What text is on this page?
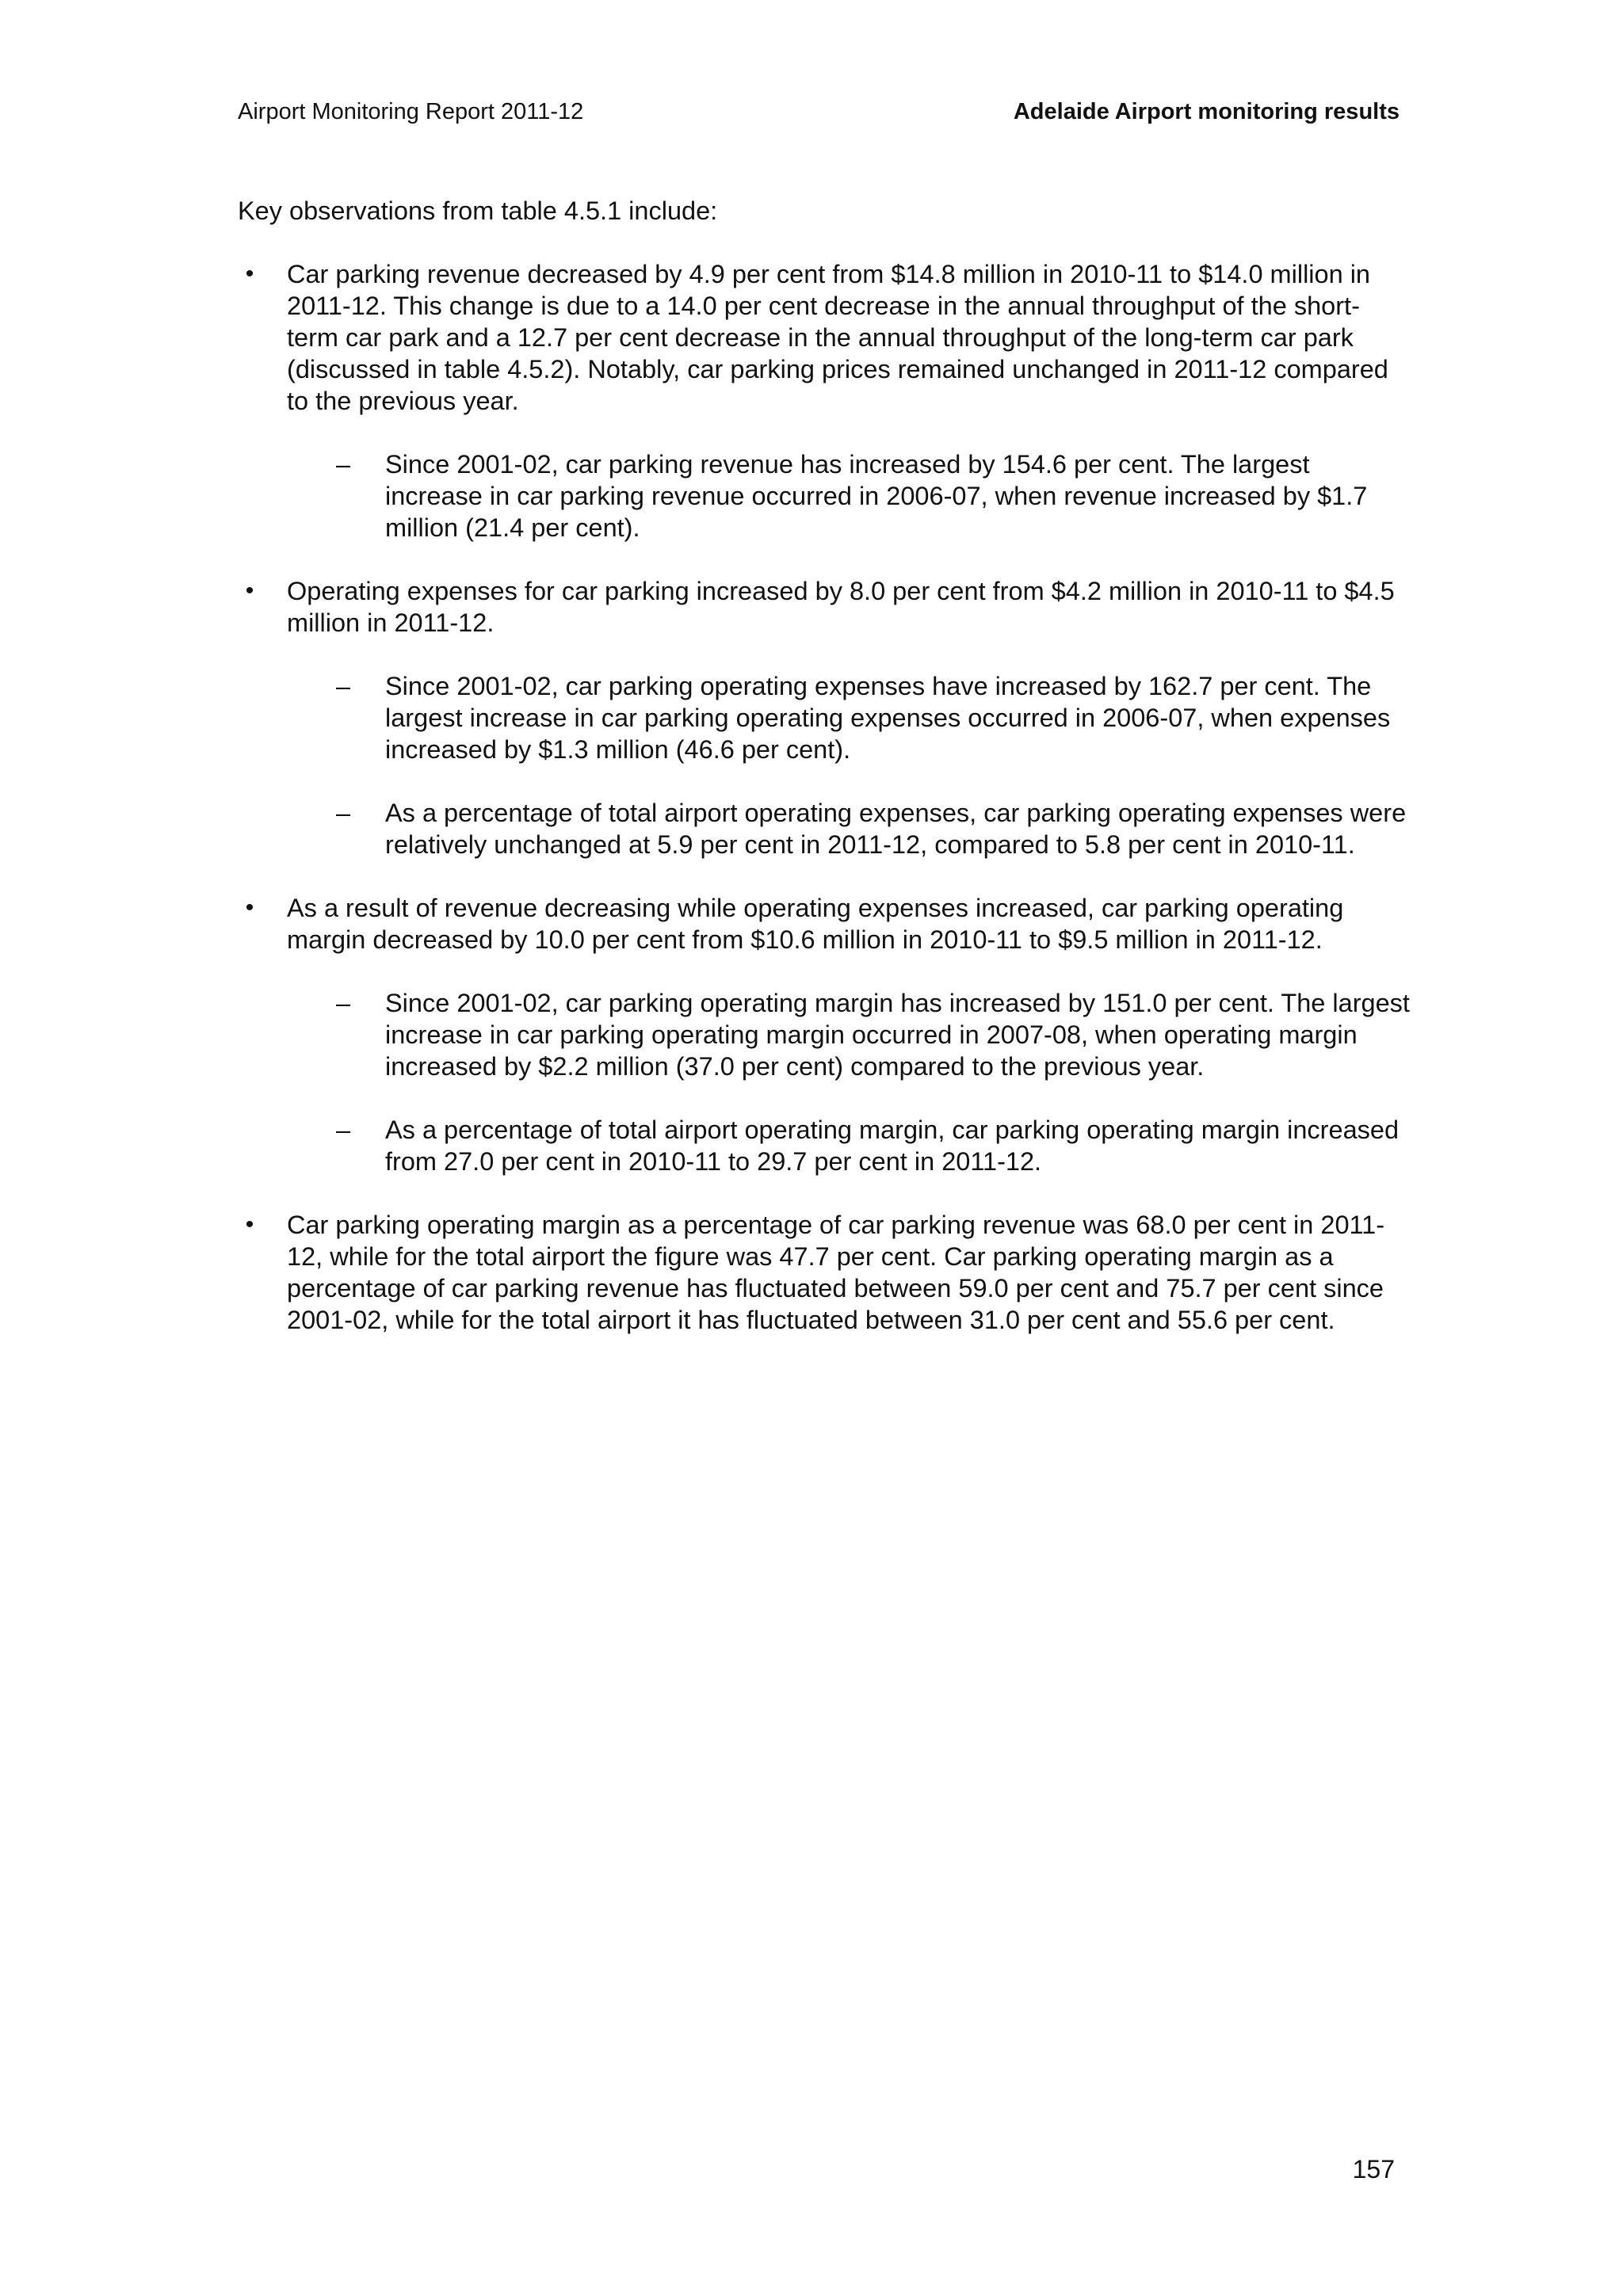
Airport Monitoring Report 2011-12	Adelaide Airport monitoring results

Key observations from table 4.5.1 include:

•	Car parking revenue decreased by 4.9 per cent from $14.8 million in 2010-11 to $14.0 million in 2011-12. This change is due to a 14.0 per cent decrease in the annual throughput of the short-term car park and a 12.7 per cent decrease in the annual throughput of the long-term car park (discussed in table 4.5.2). Notably, car parking prices remained unchanged in 2011-12 compared to the previous year.

–	Since 2001-02, car parking revenue has increased by 154.6 per cent. The largest increase in car parking revenue occurred in 2006-07, when revenue increased by $1.7 million (21.4 per cent).

•	Operating expenses for car parking increased by 8.0 per cent from $4.2 million in 2010-11 to $4.5 million in 2011-12.

–	Since 2001-02, car parking operating expenses have increased by 162.7 per cent. The largest increase in car parking operating expenses occurred in 2006-07, when expenses increased by $1.3 million (46.6 per cent).

–	As a percentage of total airport operating expenses, car parking operating expenses were relatively unchanged at 5.9 per cent in 2011-12, compared to 5.8 per cent in 2010-11.

•	As a result of revenue decreasing while operating expenses increased, car parking operating margin decreased by 10.0 per cent from $10.6 million in 2010-11 to $9.5 million in 2011-12.

–	Since 2001-02, car parking operating margin has increased by 151.0 per cent. The largest increase in car parking operating margin occurred in 2007-08, when operating margin increased by $2.2 million (37.0 per cent) compared to the previous year.

–	As a percentage of total airport operating margin, car parking operating margin increased from 27.0 per cent in 2010-11 to 29.7 per cent in 2011-12.

•	Car parking operating margin as a percentage of car parking revenue was 68.0 per cent in 2011-12, while for the total airport the figure was 47.7 per cent. Car parking operating margin as a percentage of car parking revenue has fluctuated between 59.0 per cent and 75.7 per cent since 2001-02, while for the total airport it has fluctuated between 31.0 per cent and 55.6 per cent.

157
